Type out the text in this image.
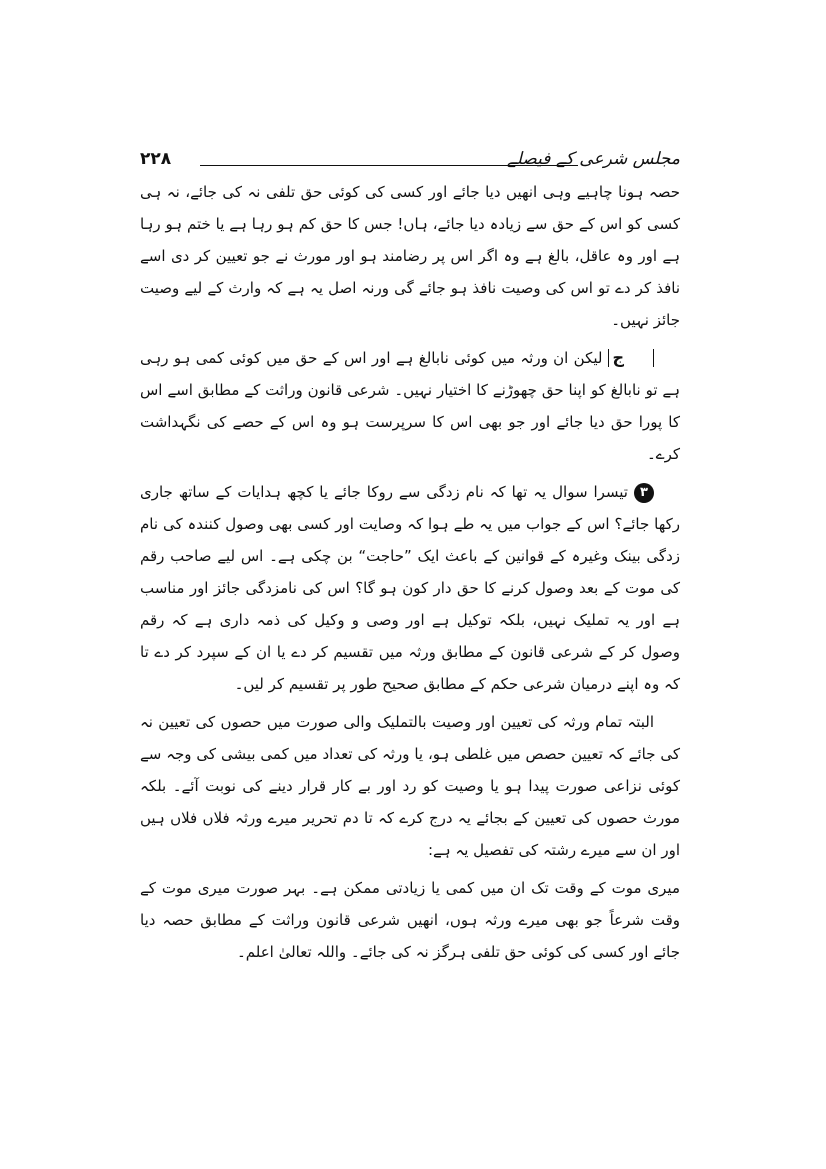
مجلس شرعی کے فیصلے
۲۲۸

حصہ ہونا چاہیے وہی انھیں دیا جائے اور کسی کی کوئی حق تلفی نہ کی جائے، نہ ہی کسی کو اس کے حق سے زیادہ دیا جائے، ہاں! جس کا حق کم ہو رہا ہے یا ختم ہو رہا ہے اور وہ عاقل، بالغ ہے وہ اگر اس پر رضامند ہو اور مورث نے جو تعیین کر دی اسے نافذ کر دے تو اس کی وصیت نافذ ہو جائے گی ورنہ اصل یہ ہے کہ وارث کے لیے وصیت جائز نہیں۔

جلیکن ان ورثہ میں کوئی نابالغ ہے اور اس کے حق میں کوئی کمی ہو رہی ہے تو نابالغ کو اپنا حق چھوڑنے کا اختیار نہیں۔ شرعی قانون وراثت کے مطابق اسے اس کا پورا حق دیا جائے اور جو بھی اس کا سرپرست ہو وہ اس کے حصے کی نگہداشت کرے۔

۳تیسرا سوال یہ تھا کہ نام زدگی سے روکا جائے یا کچھ ہدایات کے ساتھ جاری رکھا جائے؟ اس کے جواب میں یہ طے ہوا کہ وصایت اور کسی بھی وصول کنندہ کی نام زدگی بینک وغیرہ کے قوانین کے باعث ایک ”حاجت“ بن چکی ہے۔ اس لیے صاحب رقم کی موت کے بعد وصول کرنے کا حق دار کون ہو گا؟ اس کی نامزدگی جائز اور مناسب ہے اور یہ تملیک نہیں، بلکہ توکیل ہے اور وصی و وکیل کی ذمہ داری ہے کہ رقم وصول کر کے شرعی قانون کے مطابق ورثہ میں تقسیم کر دے یا ان کے سپرد کر دے تا کہ وہ اپنے درمیان شرعی حکم کے مطابق صحیح طور پر تقسیم کر لیں۔

البتہ تمام ورثہ کی تعیین اور وصیت بالتملیک والی صورت میں حصوں کی تعیین نہ کی جائے کہ تعیین حصص میں غلطی ہو، یا ورثہ کی تعداد میں کمی بیشی کی وجہ سے کوئی نزاعی صورت پیدا ہو یا وصیت کو رد اور بے کار قرار دینے کی نوبت آئے۔ بلکہ مورث حصوں کی تعیین کے بجائے یہ درج کرے کہ تا دم تحریر میرے ورثہ فلاں فلاں ہیں اور ان سے میرے رشتہ کی تفصیل یہ ہے:

میری موت کے وقت تک ان میں کمی یا زیادتی ممکن ہے۔ بہر صورت میری موت کے وقت شرعاً جو بھی میرے ورثہ ہوں، انھیں شرعی قانون وراثت کے مطابق حصہ دیا جائے اور کسی کی کوئی حق تلفی ہرگز نہ کی جائے۔ واللہ تعالیٰ اعلم۔
